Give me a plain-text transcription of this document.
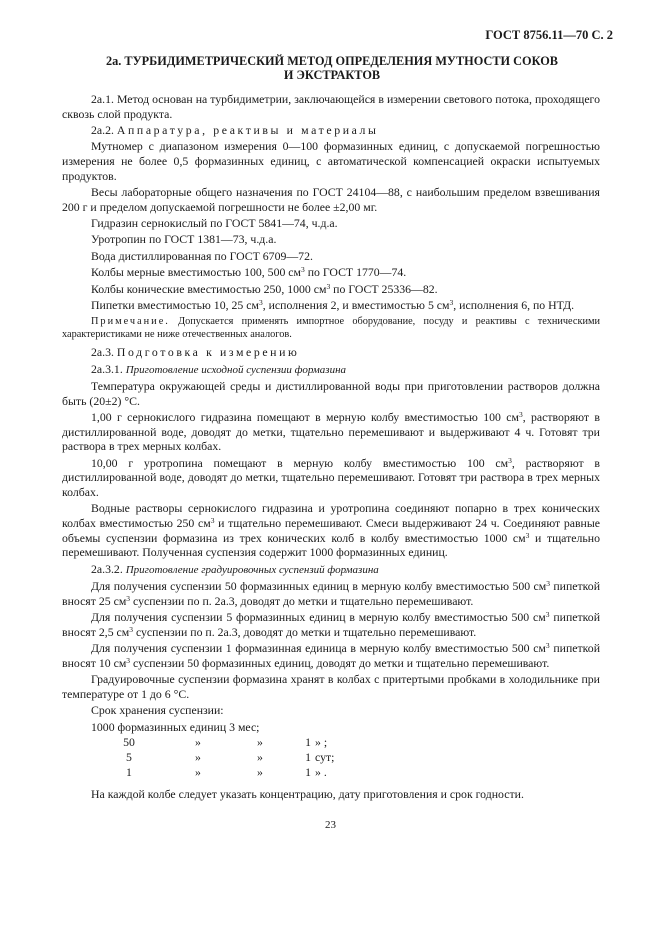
ГОСТ 8756.11—70 С. 2
2а. ТУРБИДИМЕТРИЧЕСКИЙ МЕТОД ОПРЕДЕЛЕНИЯ МУТНОСТИ СОКОВ
И ЭКСТРАКТОВ

2а.1. Метод основан на турбидиметрии, заключающейся в измерении светового потока, проходящего сквозь слой продукта.

2а.2. Аппаратура, реактивы и материалы

Мутномер с диапазоном измерения 0—100 формазинных единиц, с допускаемой погрешностью измерения не более 0,5 формазинных единиц, с автоматической компенсацией окраски испытуемых продуктов.

Весы лабораторные общего назначения по ГОСТ 24104—88, с наибольшим пределом взвешивания 200 г и пределом допускаемой погрешности не более ±2,00 мг.

Гидразин сернокислый по ГОСТ 5841—74, ч.д.а.

Уротропин по ГОСТ 1381—73, ч.д.а.

Вода дистиллированная по ГОСТ 6709—72.

Колбы мерные вместимостью 100, 500 $см^3$ по ГОСТ 1770—74.

Колбы конические вместимостью 250, 1000 $см^3$ по ГОСТ 25336—82.

Пипетки вместимостью 10, 25 $см^3$, исполнения 2, и вместимостью 5 $см^3$, исполнения 6, по НТД.

Примечание. Допускается применять импортное оборудование, посуду и реактивы с техническими характеристиками не ниже отечественных аналогов.

2а.3. Подготовка к измерению

2а.3.1. Приготовление исходной суспензии формазина

Температура окружающей среды и дистиллированной воды при приготовлении растворов должна быть (20±2) °С.

1,00 г сернокислого гидразина помещают в мерную колбу вместимостью 100 $см^3$, растворяют в дистиллированной воде, доводят до метки, тщательно перемешивают и выдерживают 4 ч. Готовят три раствора в трех мерных колбах.

10,00 г уротропина помещают в мерную колбу вместимостью 100 $см^3$, растворяют в дистиллированной воде, доводят до метки, тщательно перемешивают. Готовят три раствора в трех мерных колбах.

Водные растворы сернокислого гидразина и уротропина соединяют попарно в трех конических колбах вместимостью 250 $см^3$ и тщательно перемешивают. Смеси выдерживают 24 ч. Соединяют равные объемы суспензии формазина из трех конических колб в колбу вместимостью 1000 $см^3$ и тщательно перемешивают. Полученная суспензия содержит 1000 формазинных единиц.

2а.3.2. Приготовление градуировочных суспензий формазина

Для получения суспензии 50 формазинных единиц в мерную колбу вместимостью 500 $см^3$ пипеткой вносят 25 $см^3$ суспензии по п. 2а.3, доводят до метки и тщательно перемешивают.

Для получения суспензии 5 формазинных единиц в мерную колбу вместимостью 500 $см^3$ пипеткой вносят 2,5 $см^3$ суспензии по п. 2а.3, доводят до метки и тщательно перемешивают.

Для получения суспензии 1 формазинная единица в мерную колбу вместимостью 500 $см^3$ пипеткой вносят 10 $см^3$ суспензии 50 формазинных единиц, доводят до метки и тщательно перемешивают.

Градуировочные суспензии формазина хранят в колбах с притертыми пробками в холодильнике при температуре от 1 до 6 °С.

Срок хранения суспензии:

1000 формазинных единиц 3 мес;				
50	»	»	1	» ;
5	»	»	1	сут;
1	»	»	1	» .

На каждой колбе следует указать концентрацию, дату приготовления и срок годности.

23
